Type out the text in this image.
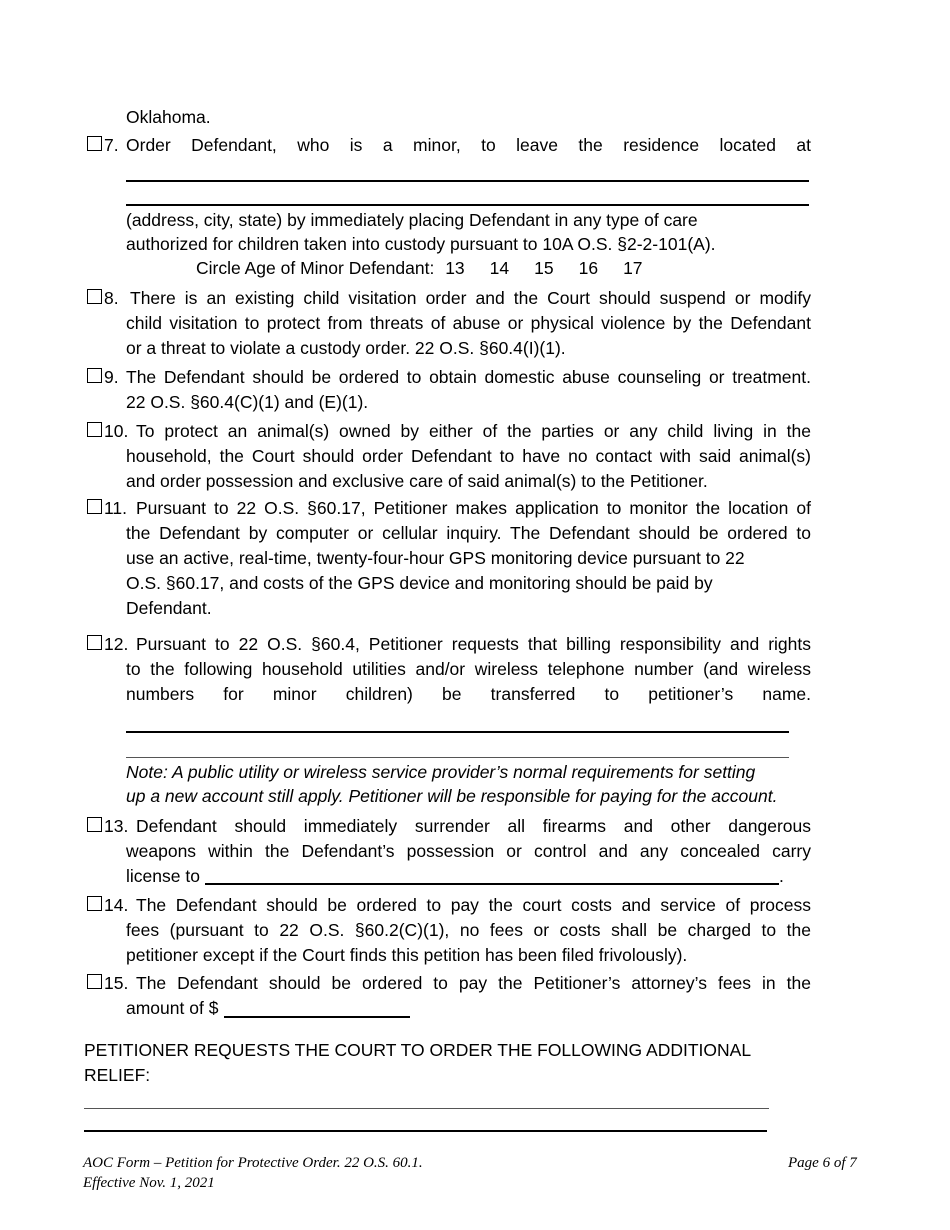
Oklahoma.
7. Order Defendant, who is a minor, to leave the residence located at
(address, city, state) by immediately placing Defendant in any type of care
authorized for children taken into custody pursuant to 10A O.S. §2-2-101(A).
Circle Age of Minor Defendant: 13 14 15 16 17
8. There is an existing child visitation order and the Court should suspend or modify
child visitation to protect from threats of abuse or physical violence by the Defendant
or a threat to violate a custody order. 22 O.S. §60.4(I)(1).
9. The Defendant should be ordered to obtain domestic abuse counseling or treatment.
22 O.S. §60.4(C)(1) and (E)(1).
10. To protect an animal(s) owned by either of the parties or any child living in the
household, the Court should order Defendant to have no contact with said animal(s)
and order possession and exclusive care of said animal(s) to the Petitioner.
11. Pursuant to 22 O.S. §60.17, Petitioner makes application to monitor the location of
the Defendant by computer or cellular inquiry. The Defendant should be ordered to
use an active, real-time, twenty-four-hour GPS monitoring device pursuant to 22
O.S. §60.17, and costs of the GPS device and monitoring should be paid by
Defendant.
12. Pursuant to 22 O.S. §60.4, Petitioner requests that billing responsibility and rights
to the following household utilities and/or wireless telephone number (and wireless
numbers for minor children) be transferred to petitioner’s name.
Note: A public utility or wireless service provider’s normal requirements for setting
up a new account still apply. Petitioner will be responsible for paying for the account.
13. Defendant should immediately surrender all firearms and other dangerous
weapons within the Defendant’s possession or control and any concealed carry
license to	.
14. The Defendant should be ordered to pay the court costs and service of process
fees (pursuant to 22 O.S. §60.2(C)(1), no fees or costs shall be charged to the
petitioner except if the Court finds this petition has been filed frivolously).
15. The Defendant should be ordered to pay the Petitioner’s attorney’s fees in the
amount of $
PETITIONER REQUESTS THE COURT TO ORDER THE FOLLOWING ADDITIONAL
RELIEF:
AOC Form – Petition for Protective Order. 22 O.S. 60.1.
Effective Nov. 1, 2021
Page 6 of 7
